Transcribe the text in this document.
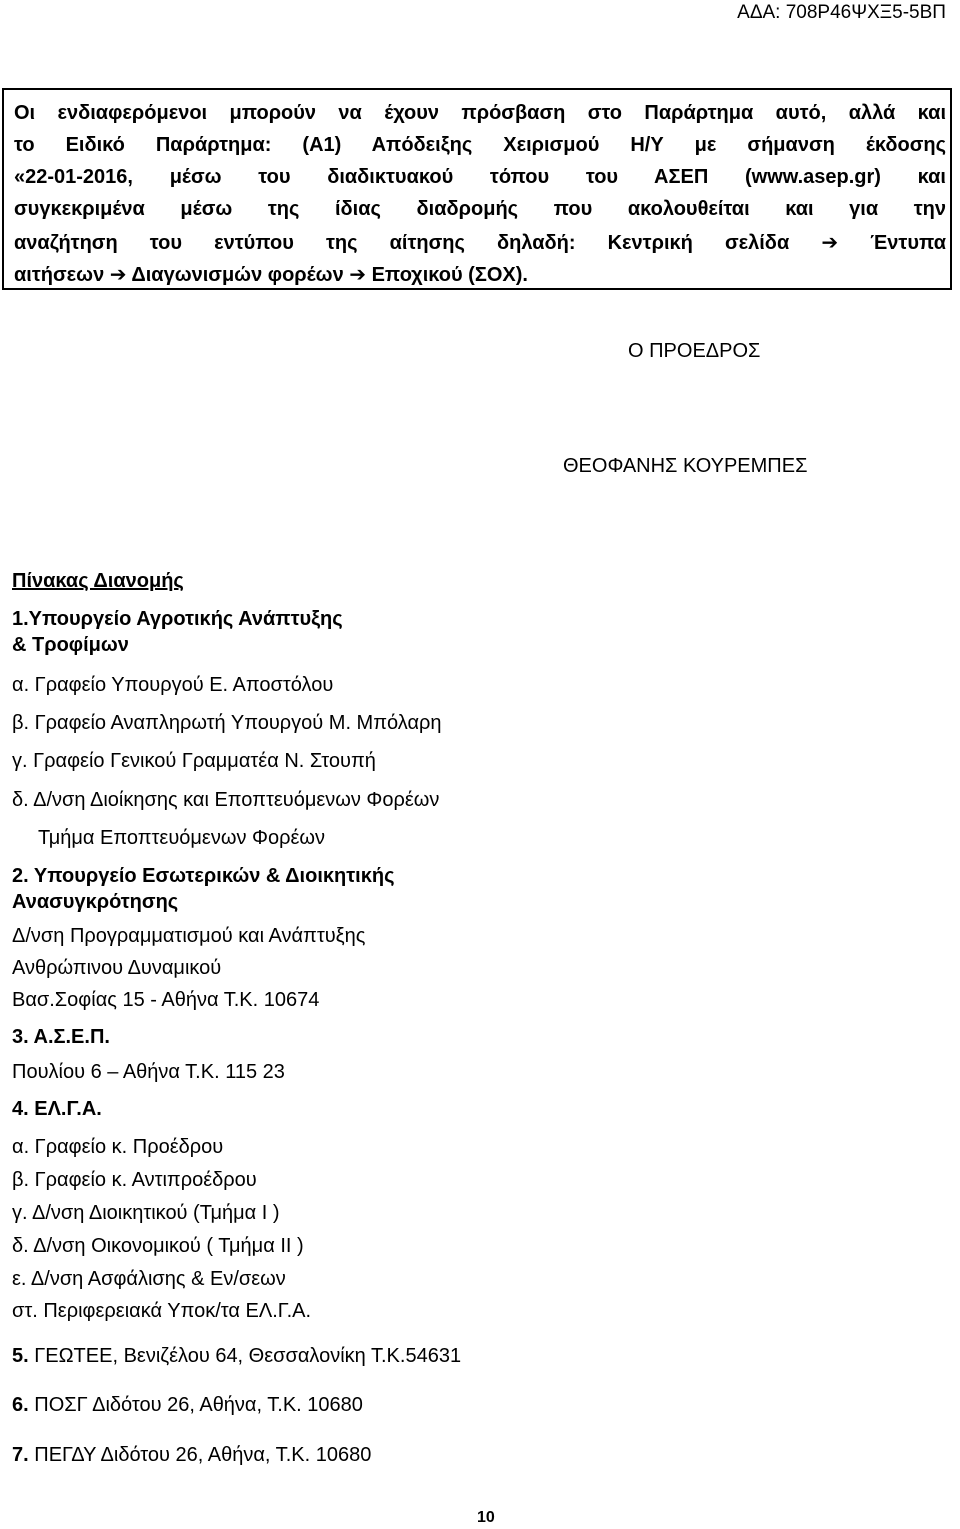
ΑΔΑ: 708Ρ46ΨΧΞ5-5ΒΠ
Οι ενδιαφερόμενοι μπορούν να έχουν πρόσβαση στο Παράρτημα αυτό, αλλά και
το Ειδικό Παράρτημα: (Α1) Απόδειξης Χειρισμού Η/Υ με σήμανση έκδοσης
«22-01-2016, μέσω του διαδικτυακού τόπου του ΑΣΕΠ (www.asep.gr) και
συγκεκριμένα μέσω της ίδιας διαδρομής που ακολουθείται και για την
αναζήτηση του εντύπου της αίτησης δηλαδή: Κεντρική σελίδα ➔ Έντυπα
αιτήσεων ➔ Διαγωνισμών φορέων ➔ Εποχικού (ΣΟΧ).
Ο ΠΡΟΕΔΡΟΣ
ΘΕΟΦΑΝΗΣ ΚΟΥΡΕΜΠΕΣ
Πίνακας Διανομής
1.Υπουργείο Αγροτικής Ανάπτυξης
& Τροφίμων
α. Γραφείο Υπουργού Ε. Αποστόλου
β. Γραφείο Αναπληρωτή Υπουργού Μ. Μπόλαρη
γ. Γραφείο Γενικού Γραμματέα Ν. Στουπή
δ. Δ/νση Διοίκησης και Εποπτευόμενων Φορέων
Τμήμα Εποπτευόμενων Φορέων
2. Υπουργείο Εσωτερικών & Διοικητικής
Ανασυγκρότησης
Δ/νση Προγραμματισμού και Ανάπτυξης
Ανθρώπινου Δυναμικού
Βασ.Σοφίας 15 - Αθήνα Τ.Κ. 10674
3. Α.Σ.Ε.Π.
Πουλίου 6 – Αθήνα Τ.Κ. 115 23
4. ΕΛ.Γ.Α.
α. Γραφείο κ. Προέδρου
β. Γραφείο κ. Αντιπροέδρου
γ. Δ/νση Διοικητικού (Τμήμα Ι )
δ. Δ/νση Οικονομικού ( Τμήμα ΙΙ )
ε. Δ/νση Ασφάλισης & Εν/σεων
στ. Περιφερειακά Υποκ/τα ΕΛ.Γ.Α.
5. ΓΕΩΤΕΕ, Βενιζέλου 64, Θεσσαλονίκη Τ.Κ.54631
6. ΠΟΣΓ Διδότου 26, Αθήνα, Τ.Κ. 10680
7. ΠΕΓΔΥ Διδότου 26, Αθήνα, Τ.Κ. 10680
10
